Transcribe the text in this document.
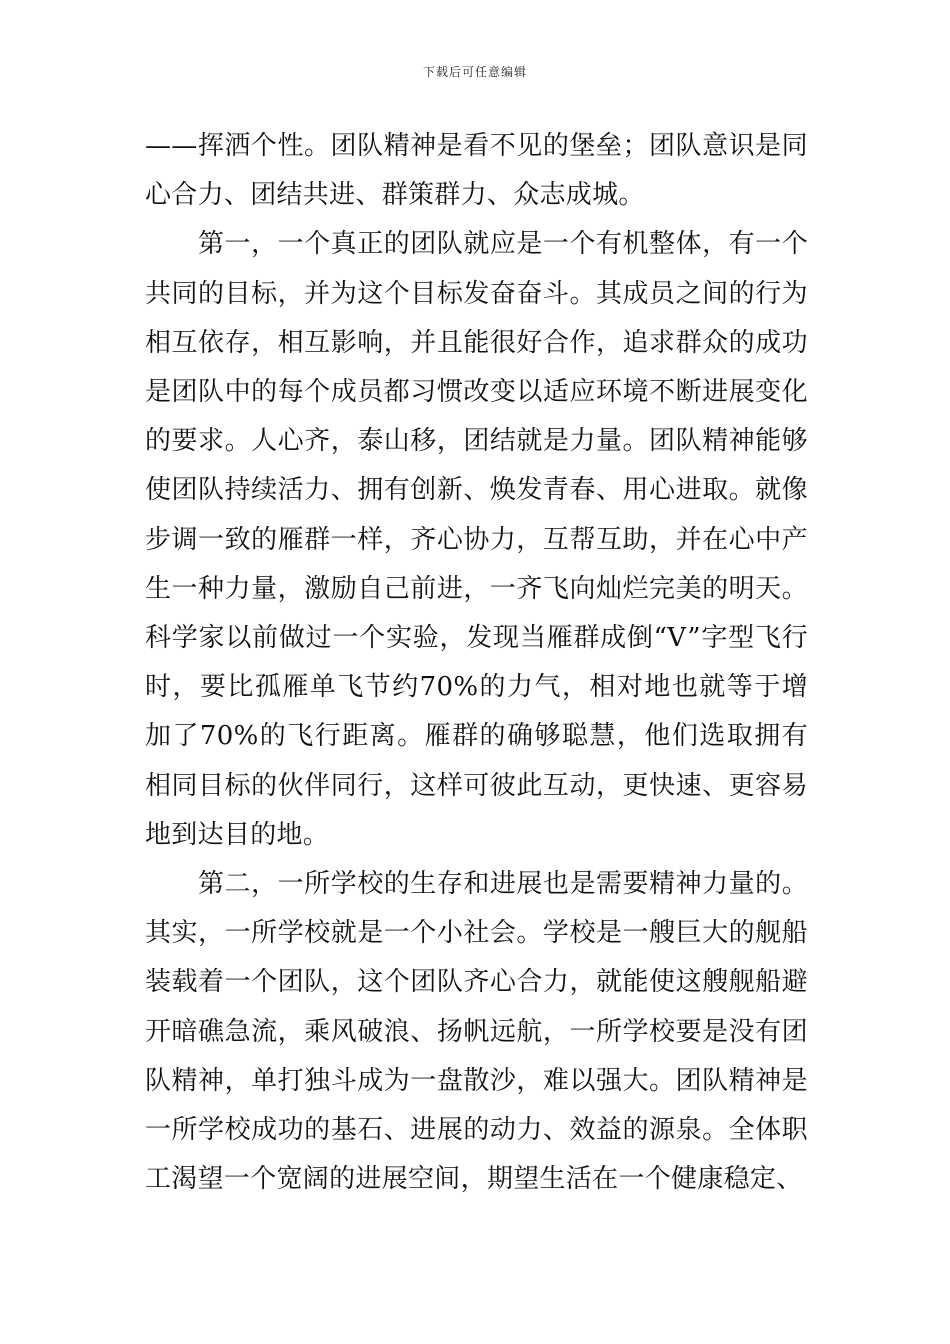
下载后可任意编辑

——挥洒个性。团队精神是看不见的堡垒；团队意识是同心合力、团结共进、群策群力、众志成城。

第一，一个真正的团队就应是一个有机整体，有一个共同的目标，并为这个目标发奋奋斗。其成员之间的行为相互依存，相互影响，并且能很好合作，追求群众的成功是团队中的每个成员都习惯改变以适应环境不断进展变化的要求。人心齐，泰山移，团结就是力量。团队精神能够使团队持续活力、拥有创新、焕发青春、用心进取。就像步调一致的雁群一样，齐心协力，互帮互助，并在心中产生一种力量，激励自己前进，一齐飞向灿烂完美的明天。科学家以前做过一个实验，发现当雁群成倒“V”字型飞行时，要比孤雁单飞节约70%的力气，相对地也就等于增加了70%的飞行距离。雁群的确够聪慧，他们选取拥有相同目标的伙伴同行，这样可彼此互动，更快速、更容易地到达目的地。

第二，一所学校的生存和进展也是需要精神力量的。其实，一所学校就是一个小社会。学校是一艘巨大的舰船装载着一个团队，这个团队齐心合力，就能使这艘舰船避开暗礁急流，乘风破浪、扬帆远航，一所学校要是没有团队精神，单打独斗成为一盘散沙，难以强大。团队精神是一所学校成功的基石、进展的动力、效益的源泉。全体职工渴望一个宽阔的进展空间，期望生活在一个健康稳定、
